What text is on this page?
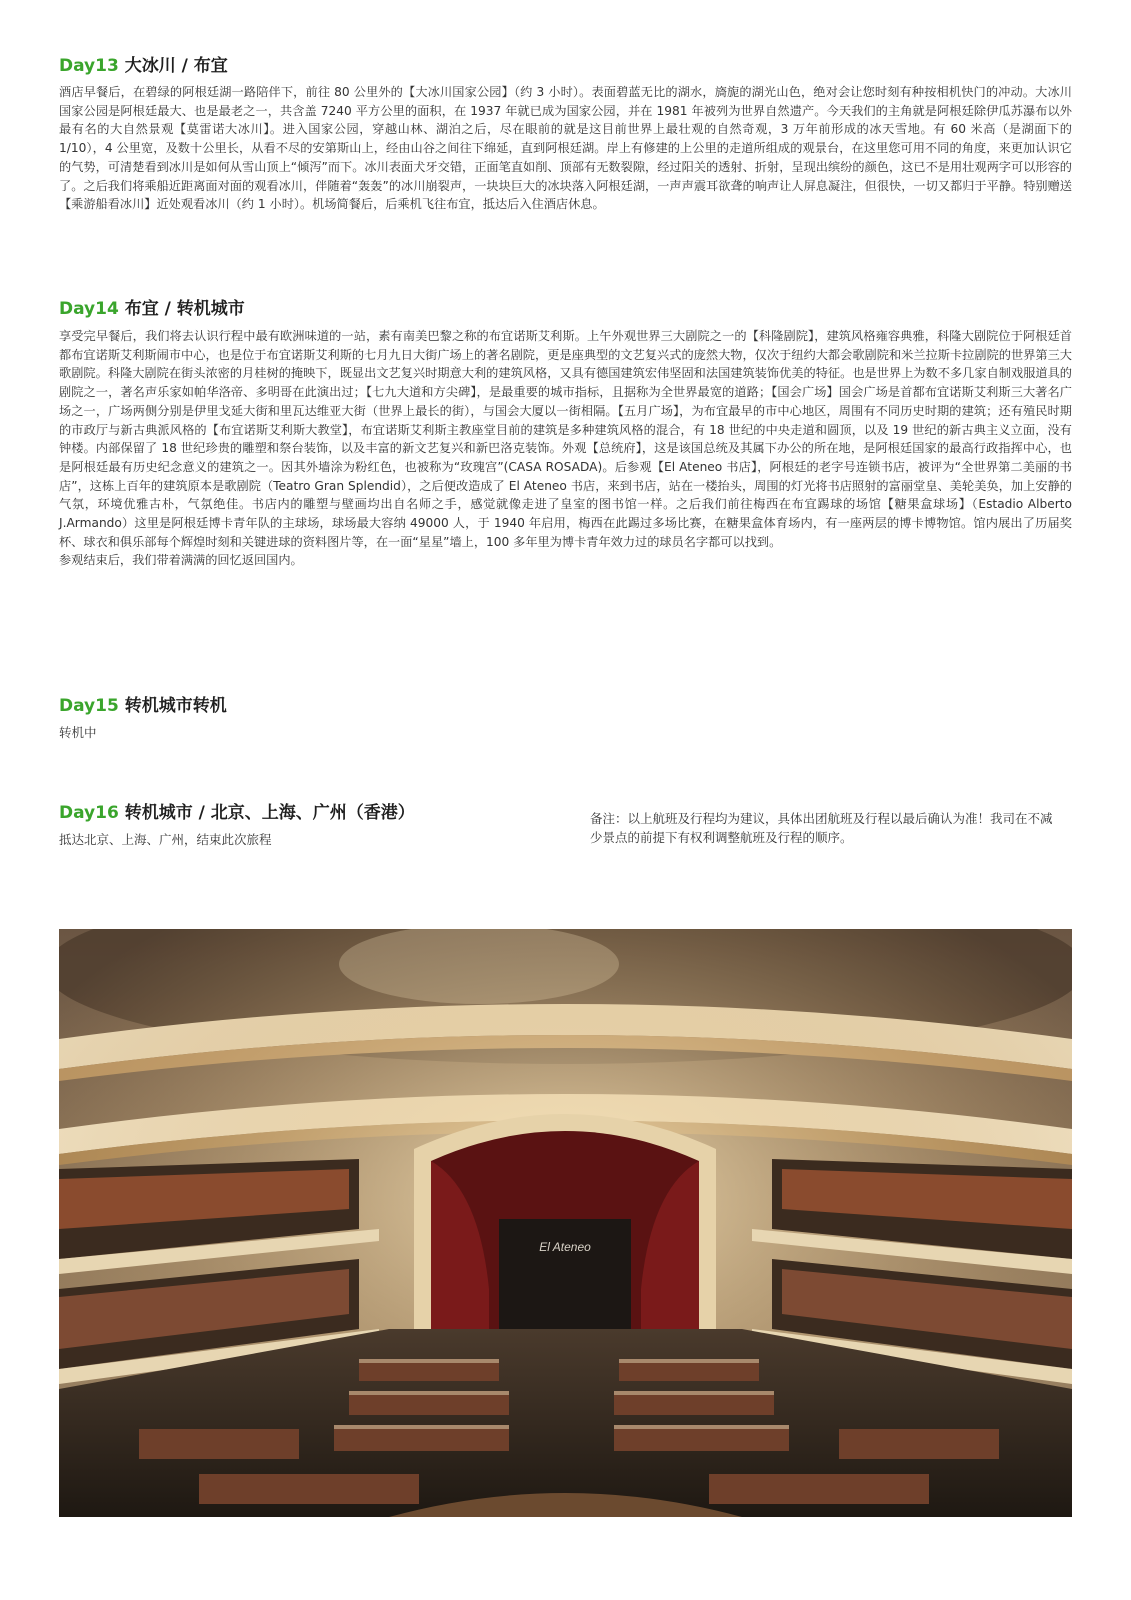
Day13 大冰川 / 布宜

酒店早餐后，在碧绿的阿根廷湖一路陪伴下，前往 80 公里外的【大冰川国家公园】（约 3 小时）。表面碧蓝无比的湖水，旖旎的湖光山色，绝对会让您时刻有种按相机快门的冲动。大冰川国家公园是阿根廷最大、也是最老之一，共含盖 7240 平方公里的面积，在 1937 年就已成为国家公园，并在 1981 年被列为世界自然遗产。今天我们的主角就是阿根廷除伊瓜苏瀑布以外最有名的大自然景观【莫雷诺大冰川】。进入国家公园，穿越山林、湖泊之后，尽在眼前的就是这目前世界上最壮观的自然奇观，3 万年前形成的冰天雪地。有 60 米高（是湖面下的 1/10），4 公里宽，及数十公里长，从看不尽的安第斯山上，经由山谷之间往下绵延，直到阿根廷湖。岸上有修建的上公里的走道所组成的观景台，在这里您可用不同的角度，来更加认识它的气势，可清楚看到冰川是如何从雪山顶上“倾泻”而下。冰川表面犬牙交错，正面笔直如削、顶部有无数裂隙，经过阳关的透射、折射，呈现出缤纷的颜色，这已不是用壮观两字可以形容的了。之后我们将乘船近距离面对面的观看冰川，伴随着“轰轰”的冰川崩裂声，一块块巨大的冰块落入阿根廷湖，一声声震耳欲聋的响声让人屏息凝注，但很快，一切又都归于平静。特别赠送【乘游船看冰川】近处观看冰川（约 1 小时）。机场简餐后，后乘机飞往布宜，抵达后入住酒店休息。

Day14 布宜 / 转机城市

享受完早餐后，我们将去认识行程中最有欧洲味道的一站，素有南美巴黎之称的布宜诺斯艾利斯。上午外观世界三大剧院之一的【科隆剧院】，建筑风格雍容典雅，科隆大剧院位于阿根廷首都布宜诺斯艾利斯闹市中心，也是位于布宜诺斯艾利斯的七月九日大街广场上的著名剧院，更是座典型的文艺复兴式的庞然大物，仅次于纽约大都会歌剧院和米兰拉斯卡拉剧院的世界第三大歌剧院。科隆大剧院在街头浓密的月桂树的掩映下，既显出文艺复兴时期意大利的建筑风格，又具有德国建筑宏伟坚固和法国建筑装饰优美的特征。也是世界上为数不多几家自制戏服道具的剧院之一，著名声乐家如帕华洛帝、多明哥在此演出过；【七九大道和方尖碑】，是最重要的城市指标，且据称为全世界最宽的道路；【国会广场】国会广场是首都布宜诺斯艾利斯三大著名广场之一，广场两侧分别是伊里戈延大街和里瓦达维亚大街（世界上最长的街），与国会大厦以一街相隔。【五月广场】，为布宜最早的市中心地区，周围有不同历史时期的建筑；还有殖民时期的市政厅与新古典派风格的【布宜诺斯艾利斯大教堂】，布宜诺斯艾利斯主教座堂目前的建筑是多种建筑风格的混合，有 18 世纪的中央走道和圆顶，以及 19 世纪的新古典主义立面，没有钟楼。内部保留了 18 世纪珍贵的雕塑和祭台装饰，以及丰富的新文艺复兴和新巴洛克装饰。外观【总统府】，这是该国总统及其属下办公的所在地，是阿根廷国家的最高行政指挥中心，也是阿根廷最有历史纪念意义的建筑之一。因其外墙涂为粉红色，也被称为“玫瑰宫”(CASA ROSADA)。后参观【El Ateneo 书店】，阿根廷的老字号连锁书店，被评为“全世界第二美丽的书店”，这栋上百年的建筑原本是歌剧院（Teatro Gran Splendid），之后便改造成了 El Ateneo 书店，来到书店，站在一楼抬头，周围的灯光将书店照射的富丽堂皇、美轮美奂，加上安静的气氛，环境优雅古朴，气氛绝佳。书店内的雕塑与壁画均出自名师之手，感觉就像走进了皇室的图书馆一样。之后我们前往梅西在布宜踢球的场馆【糖果盒球场】（Estadio Alberto J.Armando）这里是阿根廷博卡青年队的主球场，球场最大容纳 49000 人，于 1940 年启用，梅西在此踢过多场比赛，在糖果盒体育场内，有一座两层的博卡博物馆。馆内展出了历届奖杯、球衣和俱乐部每个辉煌时刻和关键进球的资料图片等，在一面“星星”墙上，100 多年里为博卡青年效力过的球员名字都可以找到。

参观结束后，我们带着满满的回忆返回国内。

Day15 转机城市转机

转机中

Day16 转机城市 / 北京、上海、广州（香港）

抵达北京、上海、广州，结束此次旅程

备注：以上航班及行程均为建议，具体出团航班及行程以最后确认为准！我司在不减少景点的前提下有权利调整航班及行程的顺序。

El Ateneo
